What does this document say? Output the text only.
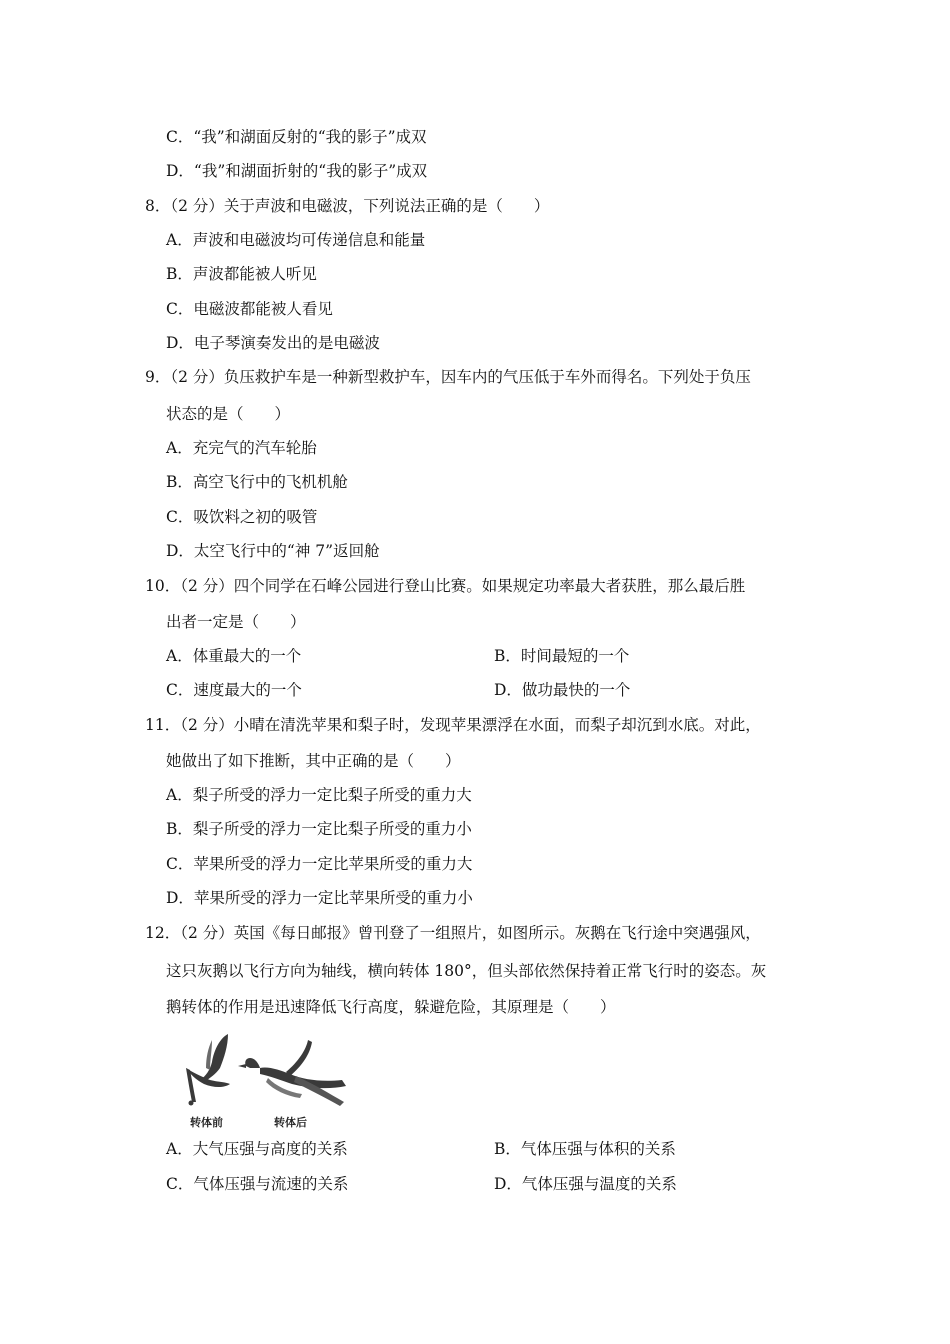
C．“我”和湖面反射的“我的影子”成双
D．“我”和湖面折射的“我的影子”成双
8．（2 分）关于声波和电磁波，下列说法正确的是（　　）
A．声波和电磁波均可传递信息和能量
B．声波都能被人听见
C．电磁波都能被人看见
D．电子琴演奏发出的是电磁波
9．（2 分）负压救护车是一种新型救护车，因车内的气压低于车外而得名。下列处于负压
状态的是（　　）
A．充完气的汽车轮胎
B．高空飞行中的飞机机舱
C．吸饮料之初的吸管
D．太空飞行中的“神 7”返回舱
10．（2 分）四个同学在石峰公园进行登山比赛。如果规定功率最大者获胜，那么最后胜
出者一定是（　　）
A．体重最大的一个	B．时间最短的一个
C．速度最大的一个	D．做功最快的一个
11．（2 分）小晴在清洗苹果和梨子时，发现苹果漂浮在水面，而梨子却沉到水底。对此，
她做出了如下推断，其中正确的是（　　）
A．梨子所受的浮力一定比梨子所受的重力大
B．梨子所受的浮力一定比梨子所受的重力小
C．苹果所受的浮力一定比苹果所受的重力大
D．苹果所受的浮力一定比苹果所受的重力小
12．（2 分）英国《每日邮报》曾刊登了一组照片，如图所示。灰鹅在飞行途中突遇强风，
这只灰鹅以飞行方向为轴线，横向转体 180°，但头部依然保持着正常飞行时的姿态。灰
鹅转体的作用是迅速降低飞行高度，躲避危险，其原理是（　　）
转体前	转体后
A．大气压强与高度的关系	B．气体压强与体积的关系
C．气体压强与流速的关系	D．气体压强与温度的关系
